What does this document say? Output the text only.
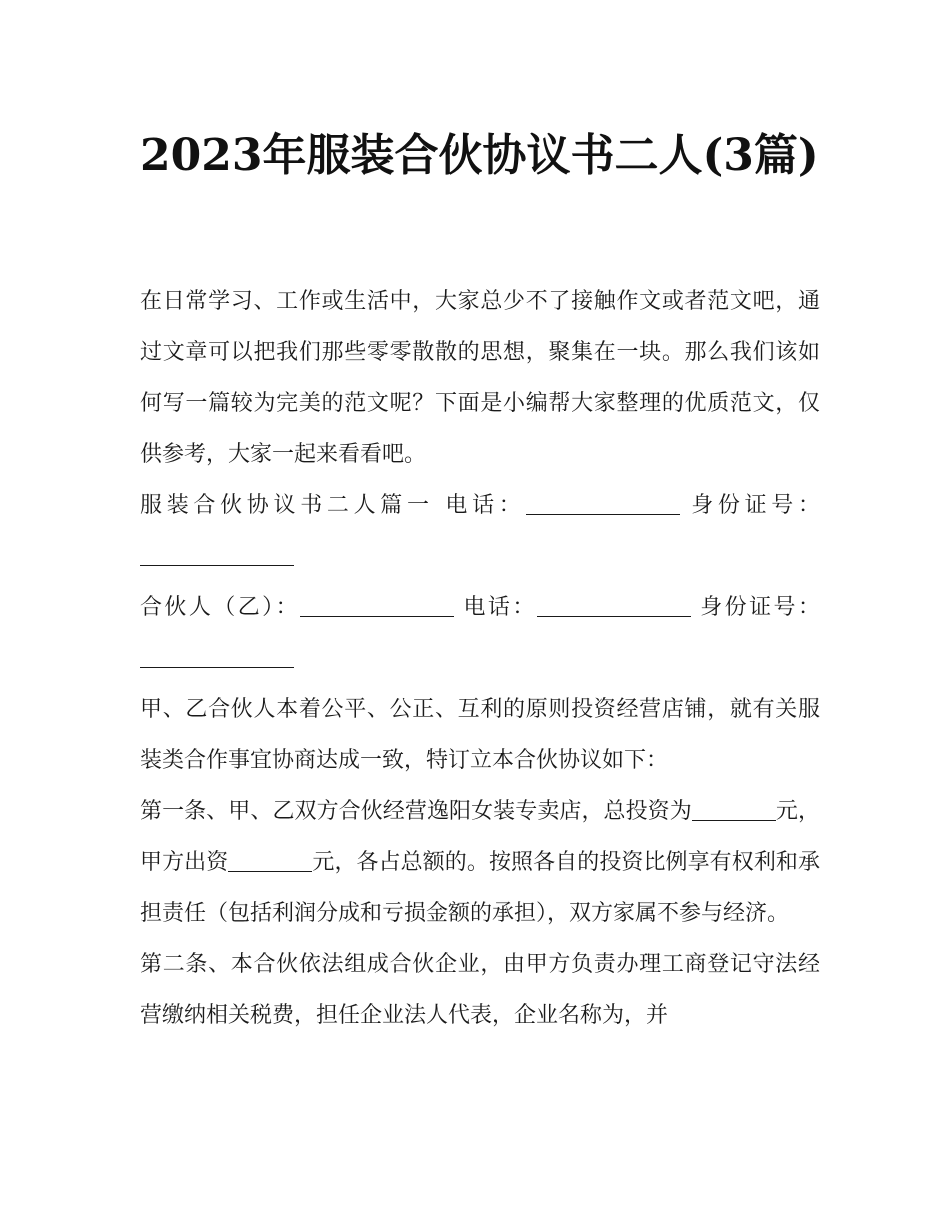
2023年服装合伙协议书二人(3篇)

在日常学习、工作或生活中，大家总少不了接触作文或者范文吧，通过文章可以把我们那些零零散散的思想，聚集在一块。那么我们该如何写一篇较为完美的范文呢？下面是小编帮大家整理的优质范文，仅供参考，大家一起来看看吧。

服装合伙协议书二人篇一 电话：	身份证号：

合伙人（乙）：	电话：	身份证号：

甲、乙合伙人本着公平、公正、互利的原则投资经营店铺，就有关服装类合作事宜协商达成一致，特订立本合伙协议如下：

第一条、甲、乙双方合伙经营逸阳女装专卖店，总投资为	元，甲方出资	元，各占总额的。按照各自的投资比例享有权利和承担责任（包括利润分成和亏损金额的承担），双方家属不参与经济。

第二条、本合伙依法组成合伙企业，由甲方负责办理工商登记守法经营缴纳相关税费，担任企业法人代表，企业名称为，并
